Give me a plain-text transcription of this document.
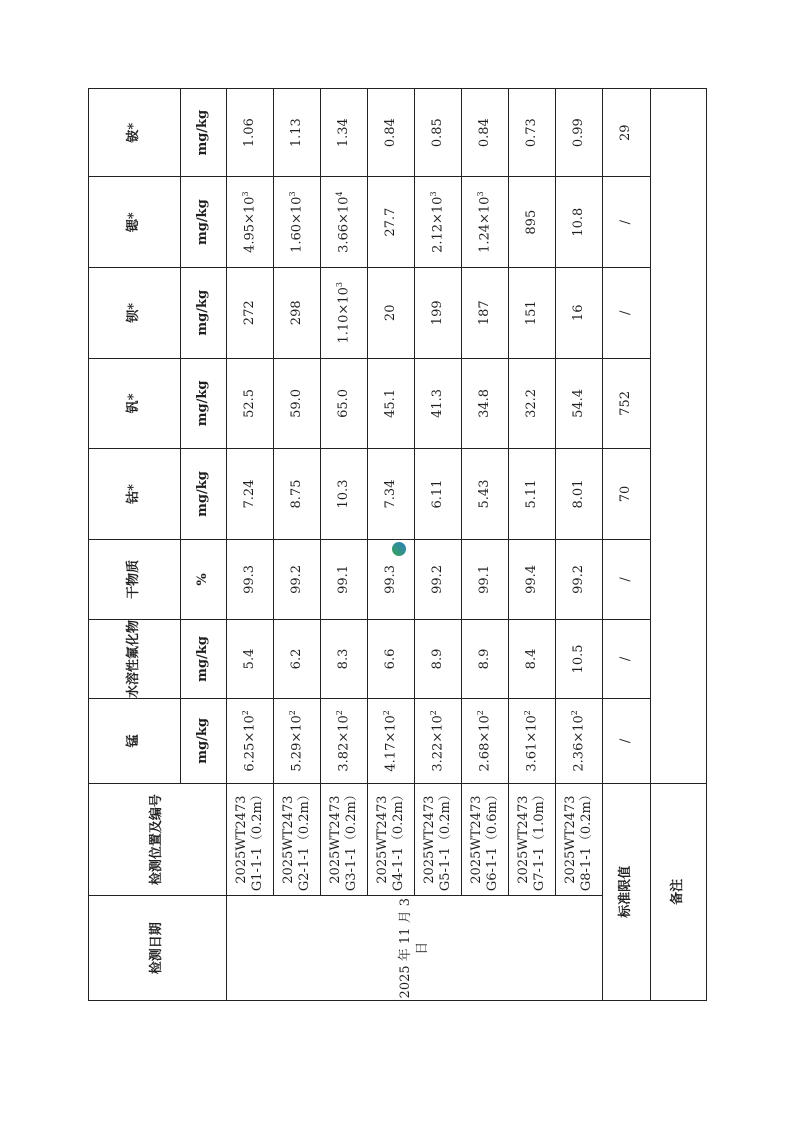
检测日期	检测位置及编号	锰	水溶性氟化物	干物质	钴*	钒*	钡*	锶*	铍*
		mg/kg	mg/kg	%	mg/kg	mg/kg	mg/kg	mg/kg	mg/kg
2025 年 11 月 3 日	2025WT2473 G1-1-1（0.2m）	$6.25\times 10^2$	5.4	99.3	7.24	52.5	272	$4.95\times 10^3$	1.06
	2025WT2473 G2-1-1（0.2m）	$5.29\times 10^2$	6.2	99.2	8.75	59.0	298	$1.60\times 10^3$	1.13
	2025WT2473 G3-1-1（0.2m）	$3.82\times 10^2$	8.3	99.1	10.3	65.0	$1.10\times 10^3$	$3.66\times 10^4$	1.34
	2025WT2473 G4-1-1（0.2m）	$4.17\times 10^2$	6.6	99.3	7.34	45.1	20	27.7	0.84
	2025WT2473 G5-1-1（0.2m）	$3.22\times 10^2$	8.9	99.2	6.11	41.3	199	$2.12\times 10^3$	0.85
	2025WT2473 G6-1-1（0.6m）	$2.68\times 10^2$	8.9	99.1	5.43	34.8	187	$1.24\times 10^3$	0.84
	2025WT2473 G7-1-1（1.0m）	$3.61\times 10^2$	8.4	99.4	5.11	32.2	151	895	0.73
	2025WT2473 G8-1-1（0.2m）	$2.36\times 10^2$	10.5	99.2	8.01	54.4	16	10.8	0.99
标准限值		/	/	/	70	752	/	/	29
备注									
